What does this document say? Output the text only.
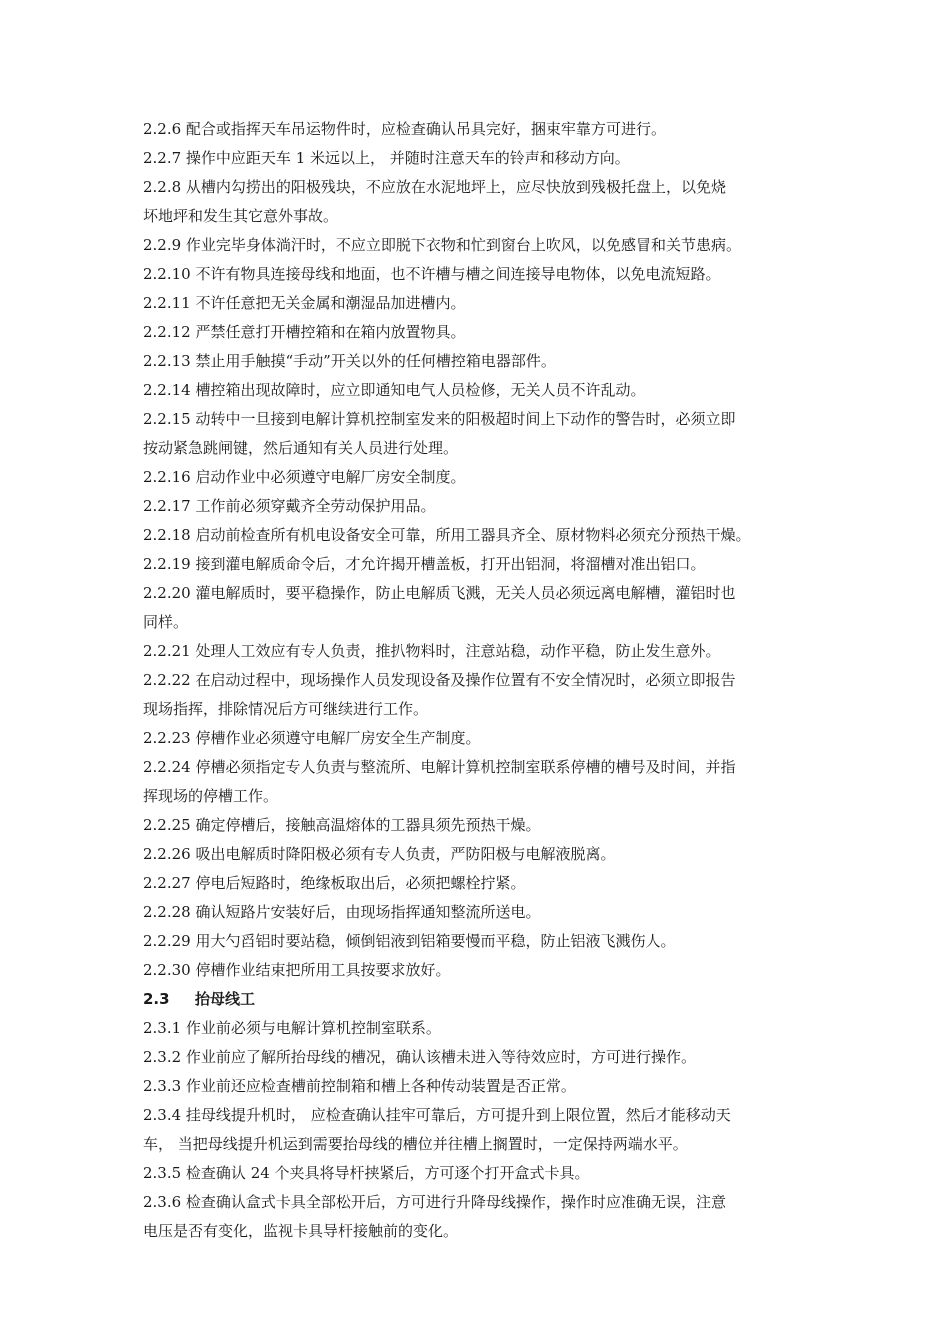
2.2.6 配合或指挥天车吊运物件时，应检查确认吊具完好，捆束牢靠方可进行。
2.2.7 操作中应距天车 1 米远以上， 并随时注意天车的铃声和移动方向。
2.2.8 从槽内勾捞出的阳极残块，不应放在水泥地坪上，应尽快放到残极托盘上，以免烧
坏地坪和发生其它意外事故。
2.2.9 作业完毕身体淌汗时，不应立即脱下衣物和忙到窗台上吹风，以免感冒和关节患病。
2.2.10 不许有物具连接母线和地面，也不许槽与槽之间连接导电物体，以免电流短路。
2.2.11 不许任意把无关金属和潮湿品加进槽内。
2.2.12 严禁任意打开槽控箱和在箱内放置物具。
2.2.13 禁止用手触摸“手动”开关以外的任何槽控箱电器部件。
2.2.14 槽控箱出现故障时，应立即通知电气人员检修，无关人员不许乱动。
2.2.15 动转中一旦接到电解计算机控制室发来的阳极超时间上下动作的警告时，必须立即
按动紧急跳闸键，然后通知有关人员进行处理。
2.2.16 启动作业中必须遵守电解厂房安全制度。
2.2.17 工作前必须穿戴齐全劳动保护用品。
2.2.18 启动前检查所有机电设备安全可靠，所用工器具齐全、原材物料必须充分预热干燥。
2.2.19 接到灌电解质命令后，才允许揭开槽盖板，打开出铝洞，将溜槽对准出铝口。
2.2.20 灌电解质时，要平稳操作，防止电解质飞溅，无关人员必须远离电解槽，灌铝时也
同样。
2.2.21 处理人工效应有专人负责，推扒物料时，注意站稳，动作平稳，防止发生意外。
2.2.22 在启动过程中，现场操作人员发现设备及操作位置有不安全情况时，必须立即报告
现场指挥，排除情况后方可继续进行工作。
2.2.23 停槽作业必须遵守电解厂房安全生产制度。
2.2.24 停槽必须指定专人负责与整流所、电解计算机控制室联系停槽的槽号及时间，并指
挥现场的停槽工作。
2.2.25 确定停槽后，接触高温熔体的工器具须先预热干燥。
2.2.26 吸出电解质时降阳极必须有专人负责，严防阳极与电解液脱离。
2.2.27 停电后短路时，绝缘板取出后，必须把螺栓拧紧。
2.2.28 确认短路片安装好后，由现场指挥通知整流所送电。
2.2.29 用大勺舀铝时要站稳，倾倒铝液到铝箱要慢而平稳，防止铝液飞溅伤人。
2.2.30 停槽作业结束把所用工具按要求放好。
2.3 抬母线工
2.3.1 作业前必须与电解计算机控制室联系。
2.3.2 作业前应了解所抬母线的槽况，确认该槽未进入等待效应时，方可进行操作。
2.3.3 作业前还应检查槽前控制箱和槽上各种传动装置是否正常。
2.3.4 挂母线提升机时， 应检查确认挂牢可靠后，方可提升到上限位置，然后才能移动天
车， 当把母线提升机运到需要抬母线的槽位并往槽上搁置时，一定保持两端水平。
2.3.5 检查确认 24 个夹具将导杆挟紧后，方可逐个打开盒式卡具。
2.3.6 检查确认盒式卡具全部松开后，方可进行升降母线操作，操作时应准确无误，注意
电压是否有变化，监视卡具导杆接触前的变化。
